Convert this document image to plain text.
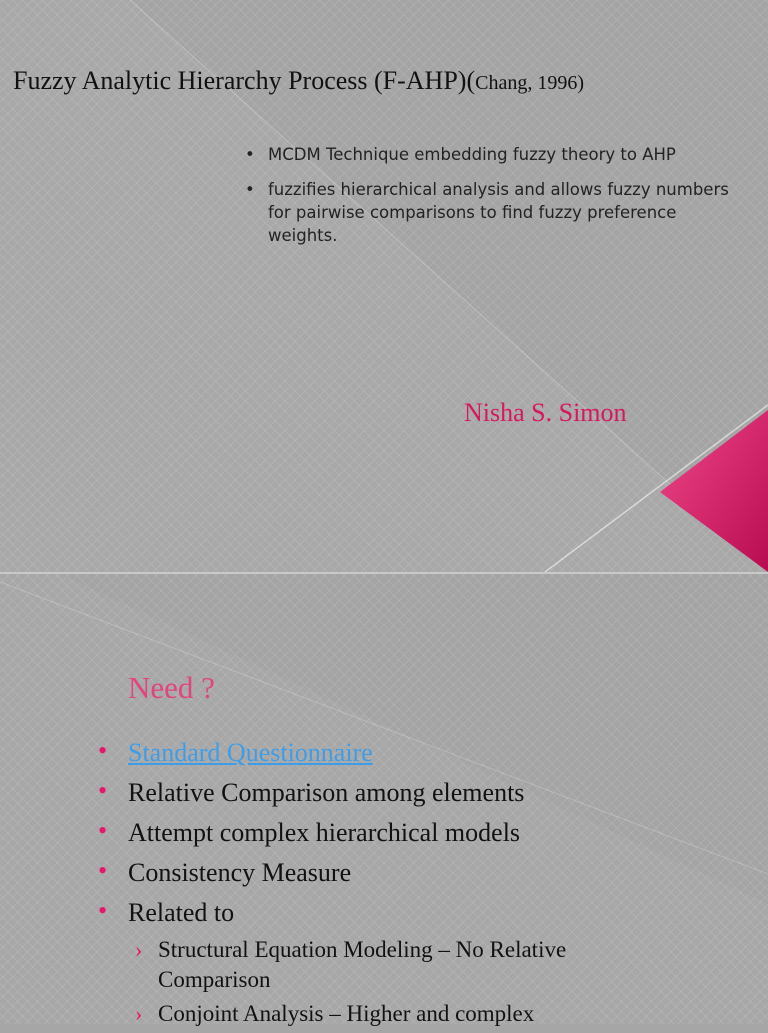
Fuzzy Analytic Hierarchy Process (F-AHP)(Chang, 1996)
• MCDM Technique embedding fuzzy theory to AHP
• fuzzifies hierarchical analysis and allows fuzzy numbers for pairwise comparisons to find fuzzy preference weights.

Nisha S. Simon

Need ?
• Standard Questionnaire
• Relative Comparison among elements
• Attempt complex hierarchical models
• Consistency Measure
• Related to
› Structural Equation Modeling – No Relative Comparison
› Conjoint Analysis – Higher and complex
